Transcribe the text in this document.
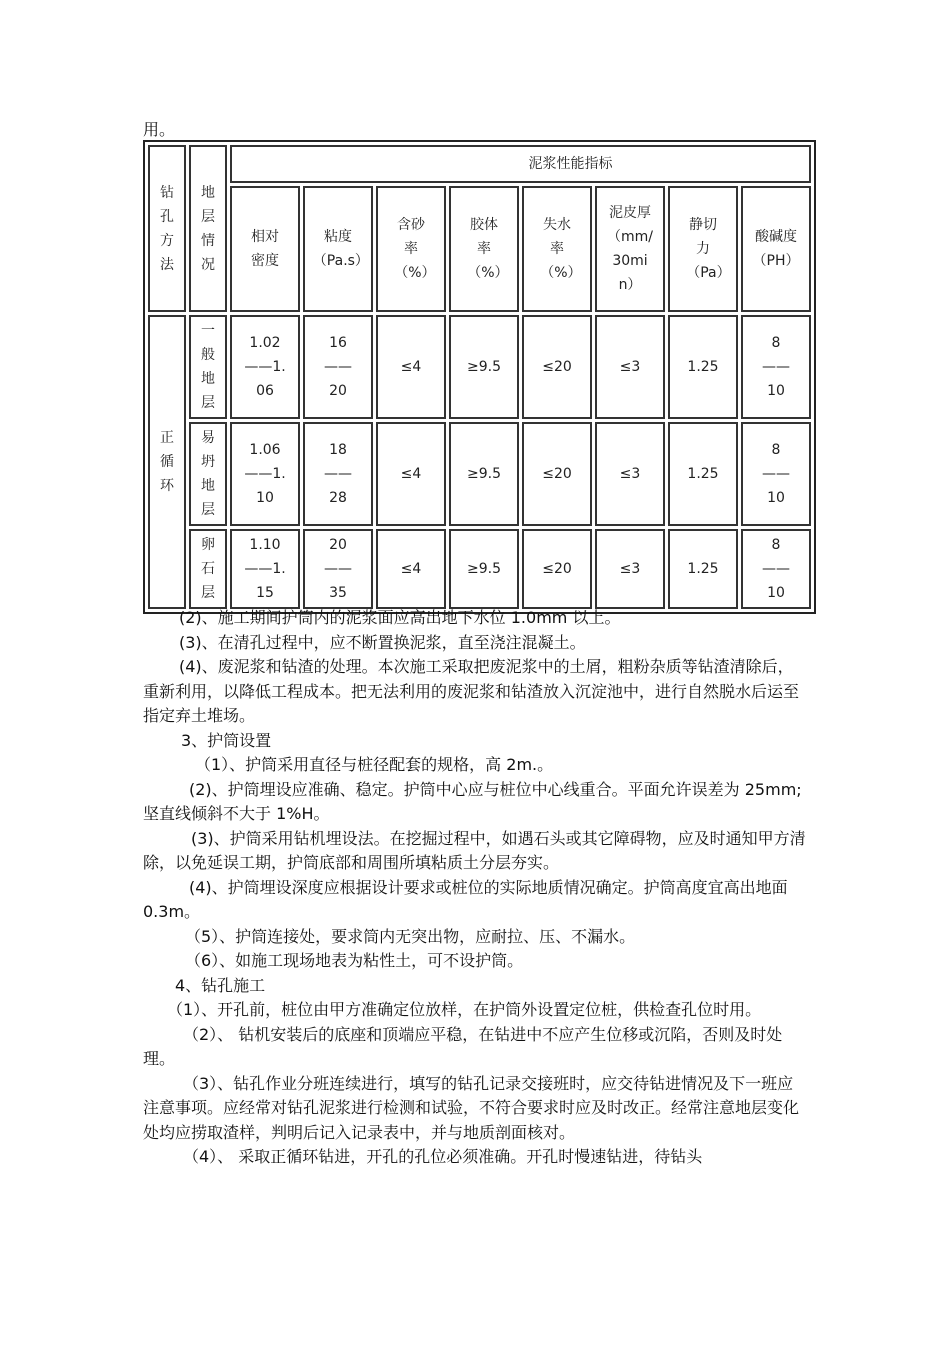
用。
钻孔方法	地层情况	泥浆性能指标							

		相对密度	粘度（Pa.s）	含砂率（%）	胶体率（%）	失水率（%）	泥皮厚（mm/30min）	静切力（Pa）	酸碱度（PH）

正循环	一般地层	1.02——1.06	16——20	≤4	≥9.5	≤20	≤3	1.25	8——10

	易坍地层	1.06——1.10	18——28	≤4	≥9.5	≤20	≤3	1.25	8——10

	卵石层	1.10——1.15	20——35	≤4	≥9.5	≤20	≤3	1.25	8——10

(2)、施工期间护筒内的泥浆面应高出地下水位 1.0mm 以上。

(3)、在清孔过程中，应不断置换泥浆，直至浇注混凝土。

(4)、废泥浆和钻渣的处理。本次施工采取把废泥浆中的土屑，粗粉杂质等钻渣清除后，重新利用，以降低工程成本。把无法利用的废泥浆和钻渣放入沉淀池中，进行自然脱水后运至指定弃土堆场。

3、护筒设置

（1）、护筒采用直径与桩径配套的规格，高 2m.。

(2)、护筒埋设应准确、稳定。护筒中心应与桩位中心线重合。平面允许误差为 25mm;坚直线倾斜不大于 1%H。

(3)、护筒采用钻机埋设法。在挖掘过程中，如遇石头或其它障碍物，应及时通知甲方清除，以免延误工期，护筒底部和周围所填粘质土分层夯实。

(4)、护筒埋设深度应根据设计要求或桩位的实际地质情况确定。护筒高度宜高出地面 0.3m。

（5）、护筒连接处，要求筒内无突出物，应耐拉、压、不漏水。

（6）、如施工现场地表为粘性土，可不设护筒。

4、钻孔施工

（1）、开孔前，桩位由甲方准确定位放样，在护筒外设置定位桩，供检查孔位时用。

（2）、 钻机安装后的底座和顶端应平稳，在钻进中不应产生位移或沉陷，否则及时处理。

（3）、钻孔作业分班连续进行，填写的钻孔记录交接班时，应交待钻进情况及下一班应注意事项。应经常对钻孔泥浆进行检测和试验，不符合要求时应及时改正。经常注意地层变化处均应捞取渣样，判明后记入记录表中，并与地质剖面核对。

（4）、 采取正循环钻进，开孔的孔位必须准确。开孔时慢速钻进，待钻头
